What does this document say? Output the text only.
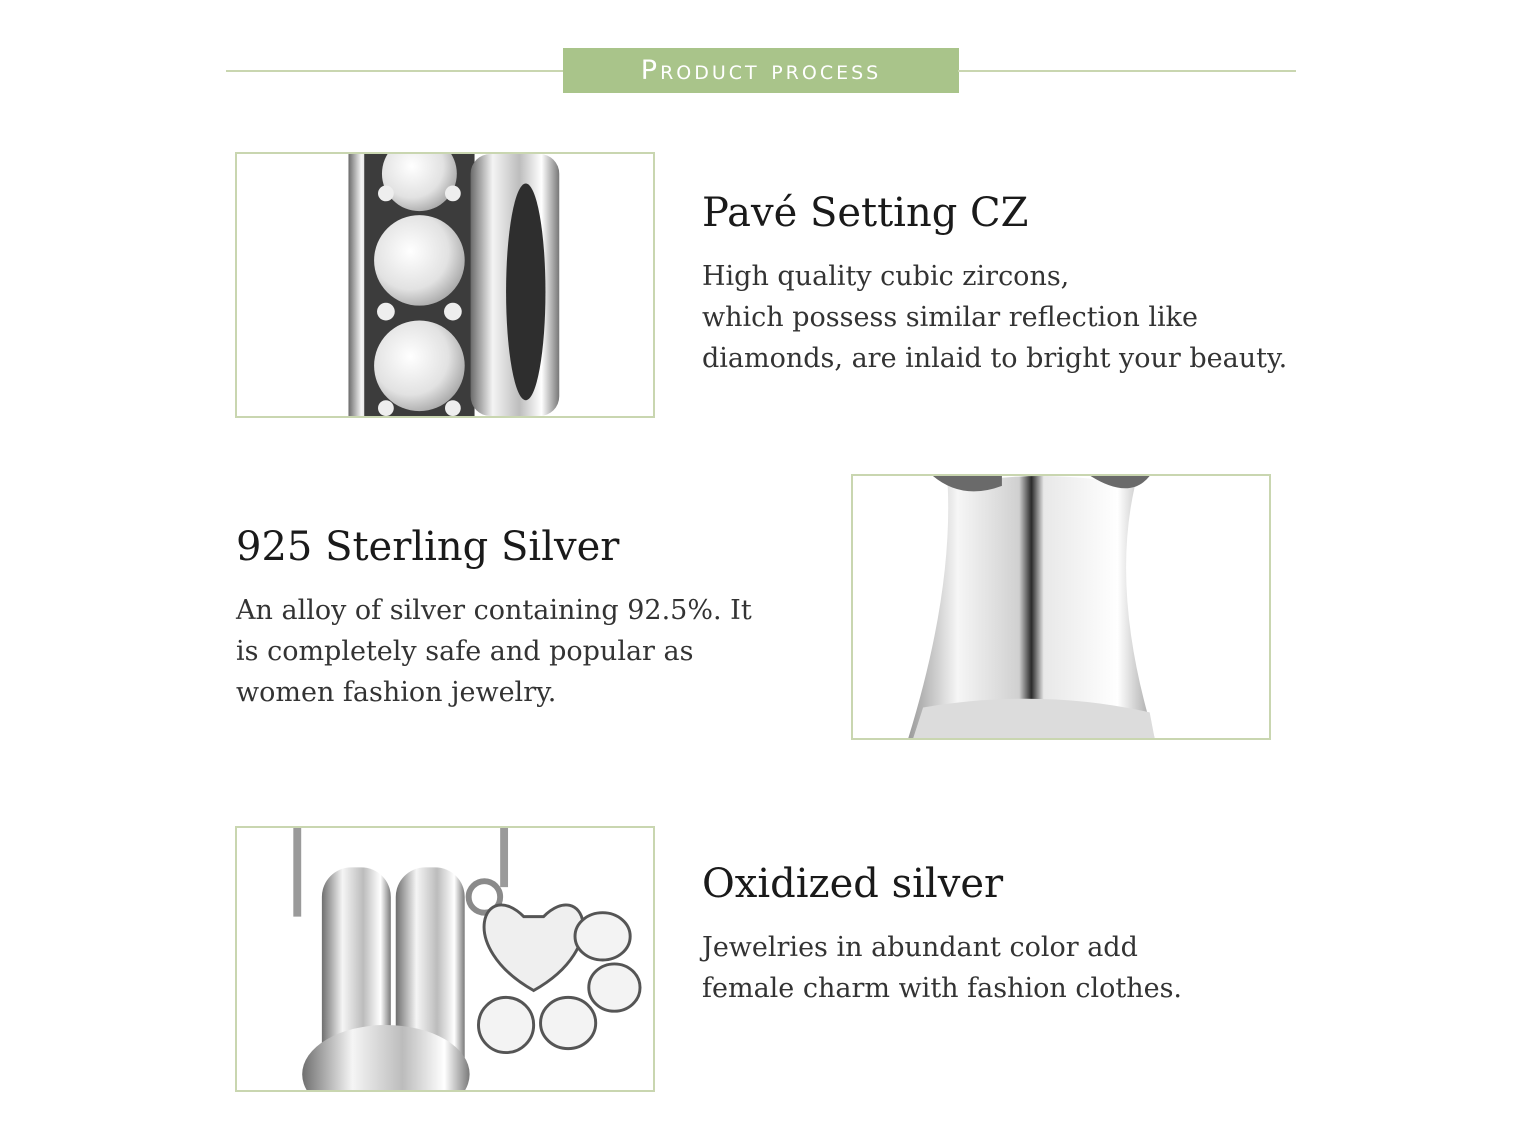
Product process
Pavé Setting CZ

High quality cubic zircons,
which possess similar reflection like
diamonds, are inlaid to bright your beauty.

925 Sterling Silver

An alloy of silver containing 92.5%. It
is completely safe and popular as
women fashion jewelry.

Oxidized silver

Jewelries in abundant color add
female charm with fashion clothes.
